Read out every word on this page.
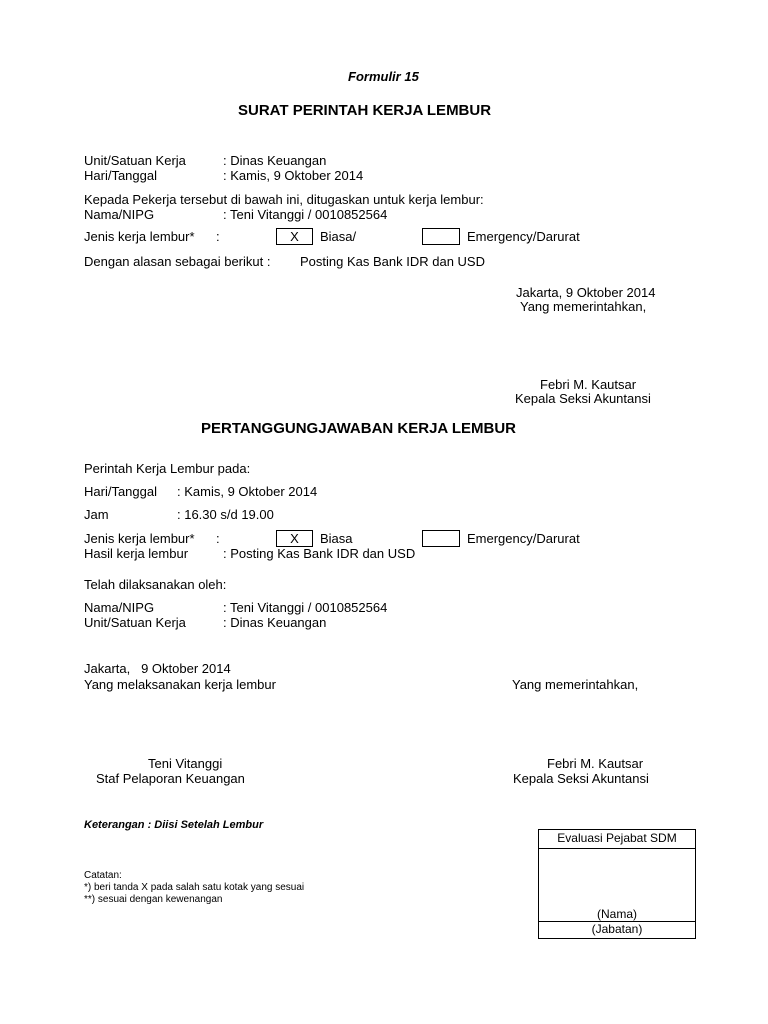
Formulir 15
SURAT PERINTAH KERJA LEMBUR
Unit/Satuan Kerja	: Dinas Keuangan
Hari/Tanggal	: Kamis, 9 Oktober 2014
Kepada Pekerja tersebut di bawah ini, ditugaskan untuk kerja lembur:
Nama/NIPG	: Teni Vitanggi / 0010852564
Jenis kerja lembur* :	X	Biasa/	Emergency/Darurat
Dengan alasan sebagai berikut : Posting Kas Bank IDR dan USD
Jakarta, 9 Oktober 2014
Yang memerintahkan,
Febri M. Kautsar
Kepala Seksi Akuntansi
PERTANGGUNGJAWABAN KERJA LEMBUR
Perintah Kerja Lembur pada:
Hari/Tanggal : Kamis, 9 Oktober 2014
Jam	: 16.30 s/d 19.00
Jenis kerja lembur* :	X	Biasa	Emergency/Darurat
Hasil kerja lembur	: Posting Kas Bank IDR dan USD
Telah dilaksanakan oleh:
Nama/NIPG	: Teni Vitanggi / 0010852564
Unit/Satuan Kerja	: Dinas Keuangan
Jakarta,   9 Oktober 2014
Yang melaksanakan kerja lembur	Yang memerintahkan,
Teni Vitanggi
Staf Pelaporan Keuangan
Febri M. Kautsar
Kepala Seksi Akuntansi
Keterangan : Diisi Setelah Lembur
Catatan:
*) beri tanda X pada salah satu kotak yang sesuai
**) sesuai dengan kewenangan
Evaluasi Pejabat SDM
(Nama)
(Jabatan)
